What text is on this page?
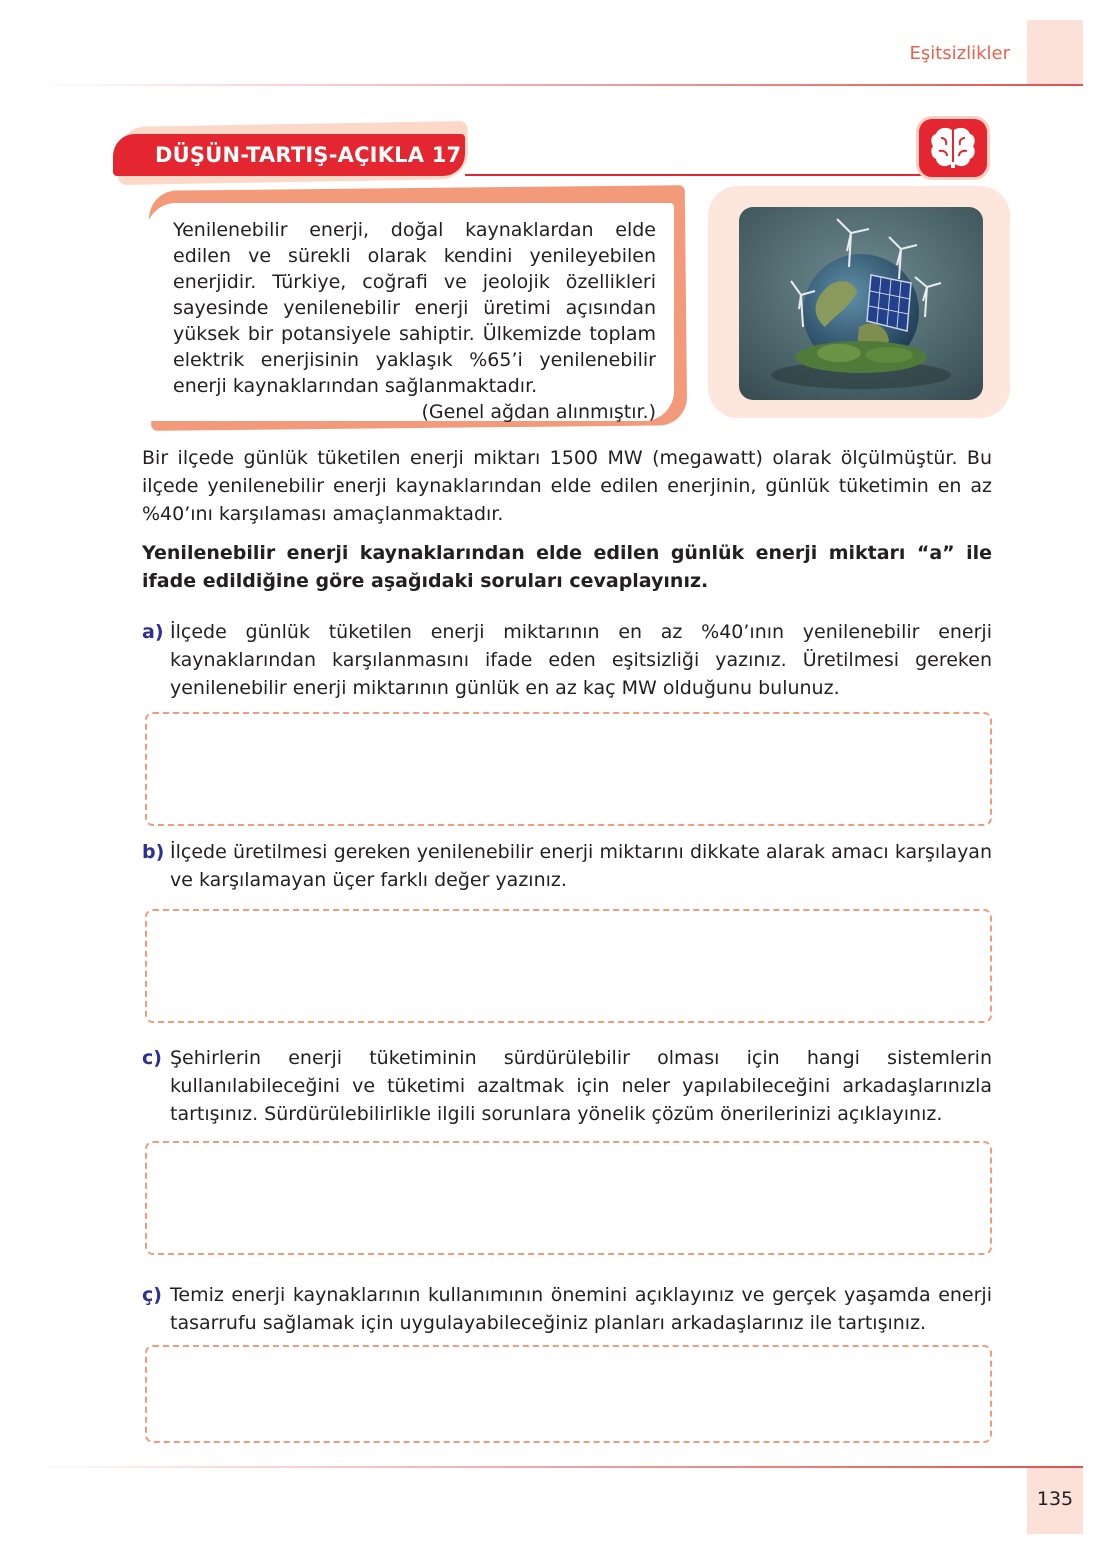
Eşitsizlikler
DÜŞÜN-TARTIŞ-AÇIKLA 17

Yenilenebilir enerji, doğal kaynaklardan elde edilen ve sürekli olarak kendini yenileyebilen enerjidir. Türkiye, coğrafi ve jeolojik özellikleri sayesinde yenilenebilir enerji üretimi açısından yüksek bir potansiyele sahiptir. Ülkemizde toplam elektrik enerjisinin yaklaşık %65’i yenilenebilir enerji kaynaklarından sağlanmaktadır.
(Genel ağdan alınmıştır.)

Bir ilçede günlük tüketilen enerji miktarı 1500 MW (megawatt) olarak ölçülmüştür. Bu ilçede yenilenebilir enerji kaynaklarından elde edilen enerjinin, günlük tüketimin en az %40’ını karşılaması amaçlanmaktadır.

Yenilenebilir enerji kaynaklarından elde edilen günlük enerji miktarı “a” ile ifade edildiğine göre aşağıdaki soruları cevaplayınız.

a) İlçede günlük tüketilen enerji miktarının en az %40’ının yenilenebilir enerji kaynaklarından karşılanmasını ifade eden eşitsizliği yazınız. Üretilmesi gereken yenilenebilir enerji miktarının günlük en az kaç MW olduğunu bulunuz.
b) İlçede üretilmesi gereken yenilenebilir enerji miktarını dikkate alarak amacı karşılayan ve karşılamayan üçer farklı değer yazınız.
c) Şehirlerin enerji tüketiminin sürdürülebilir olması için hangi sistemlerin kullanılabileceğini ve tüketimi azaltmak için neler yapılabileceğini arkadaşlarınızla tartışınız. Sürdürülebilirlikle ilgili sorunlara yönelik çözüm önerilerinizi açıklayınız.
ç) Temiz enerji kaynaklarının kullanımının önemini açıklayınız ve gerçek yaşamda enerji tasarrufu sağlamak için uygulayabileceğiniz planları arkadaşlarınız ile tartışınız.
135
